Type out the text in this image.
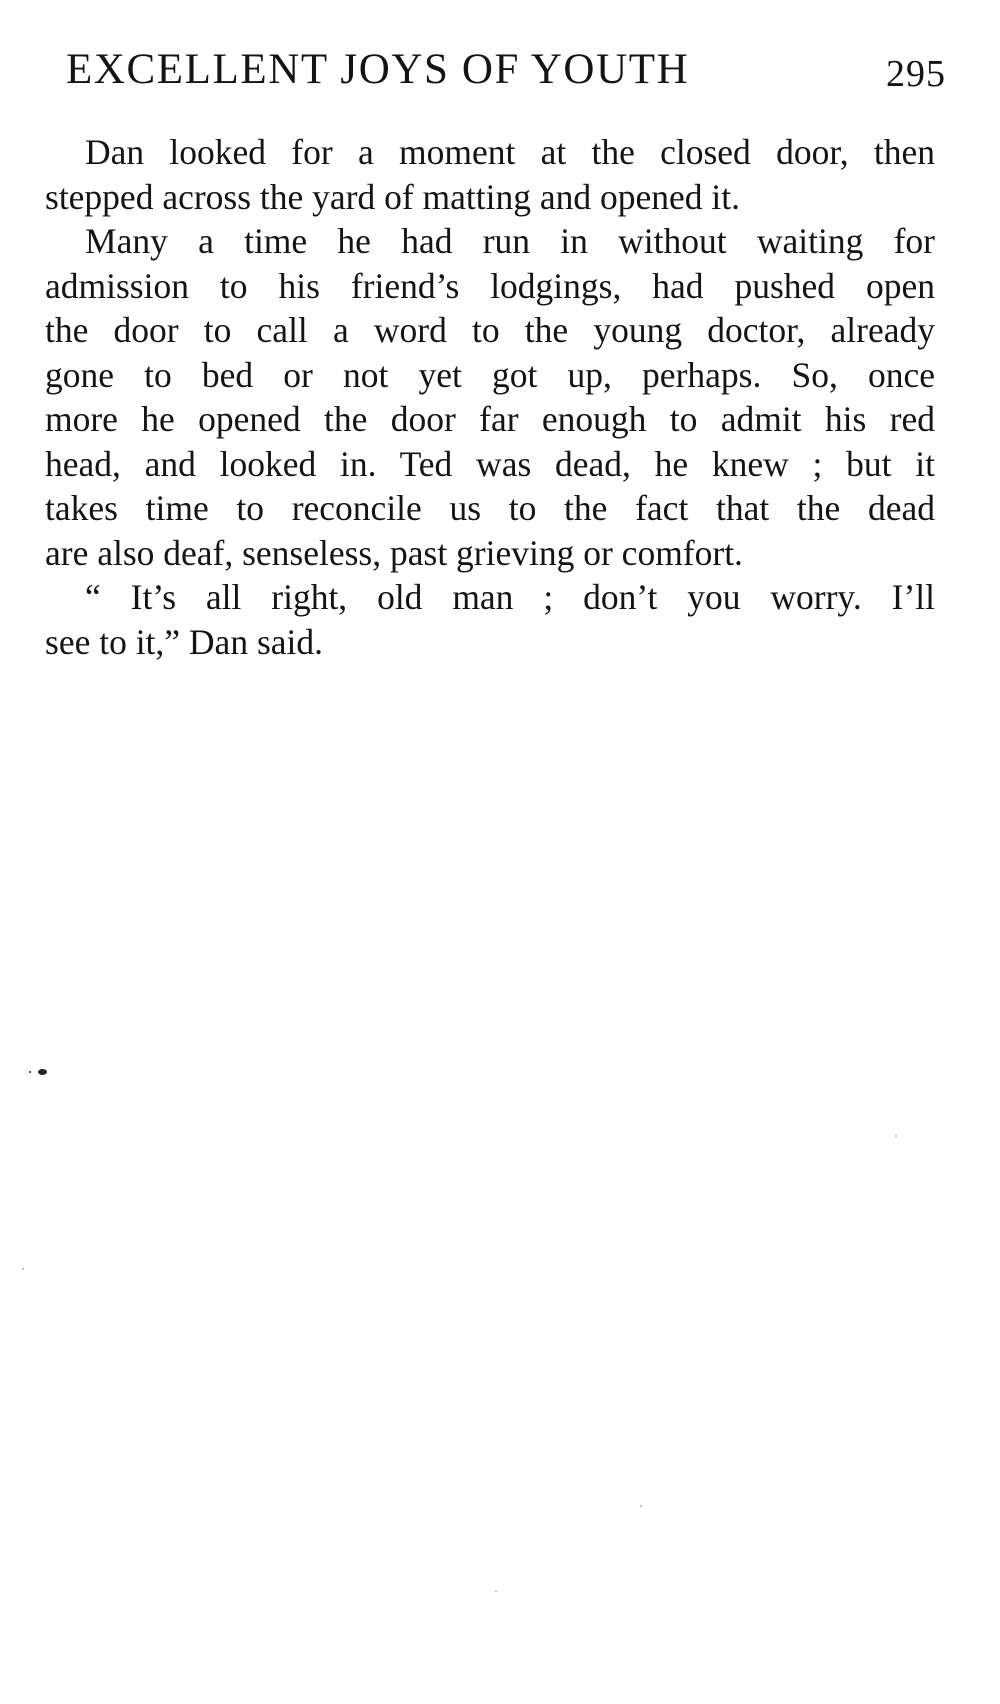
EXCELLENT JOYS OF YOUTH	295
Dan looked for a moment at the closed door, then
stepped across the yard of matting and opened it.
Many a time he had run in without waiting for
admission to his friend’s lodgings, had pushed open
the door to call a word to the young doctor, already
gone to bed or not yet got up, perhaps. So, once
more he opened the door far enough to admit his red
head, and looked in. Ted was dead, he knew ; but it
takes time to reconcile us to the fact that the dead
are also deaf, senseless, past grieving or comfort.
“ It’s all right, old man ; don’t you worry. I’ll
see to it,” Dan said.
